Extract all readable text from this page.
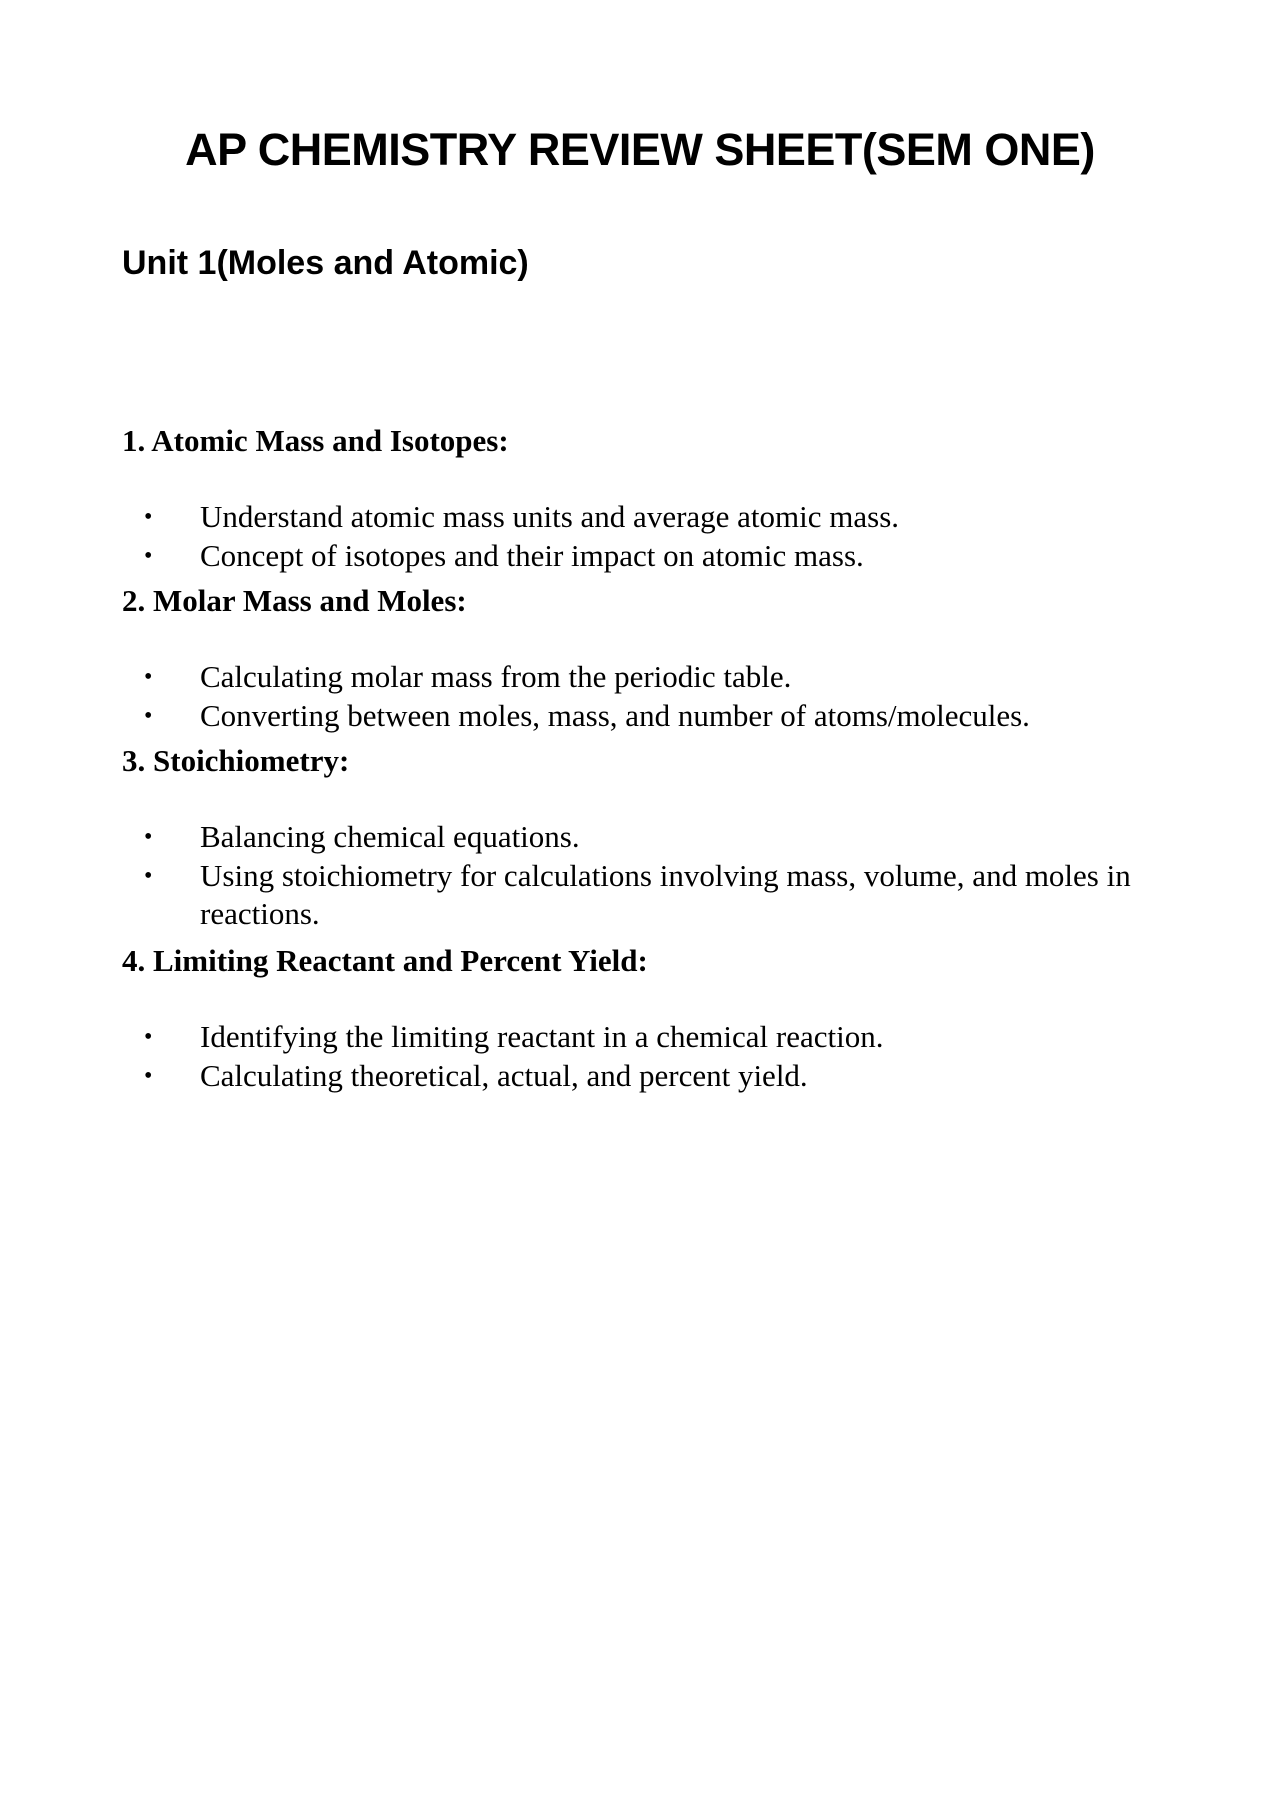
AP CHEMISTRY REVIEW SHEET(SEM ONE)
Unit 1(Moles and Atomic)
1. Atomic Mass and Isotopes:
• Understand atomic mass units and average atomic mass.
• Concept of isotopes and their impact on atomic mass.
2. Molar Mass and Moles:
• Calculating molar mass from the periodic table.
• Converting between moles, mass, and number of atoms/molecules.
3. Stoichiometry:
• Balancing chemical equations.
• Using stoichiometry for calculations involving mass, volume, and moles in reactions.
4. Limiting Reactant and Percent Yield:
• Identifying the limiting reactant in a chemical reaction.
• Calculating theoretical, actual, and percent yield.
